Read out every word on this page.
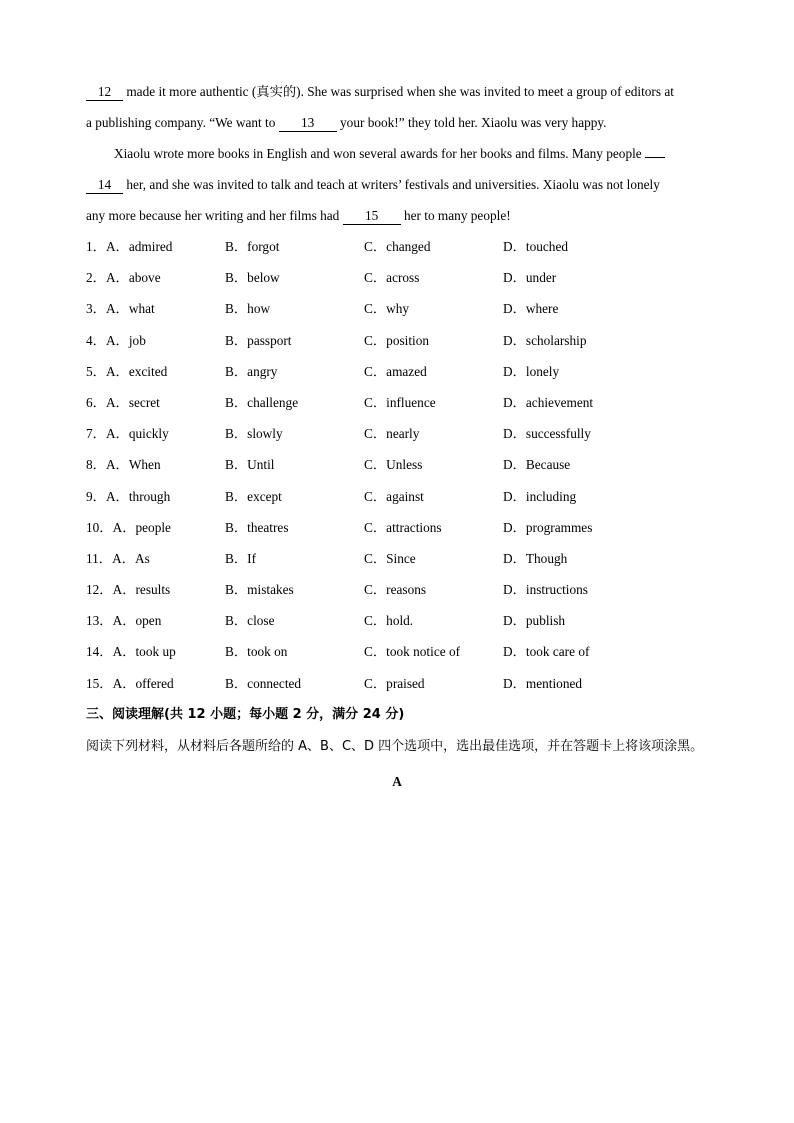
12 made it more authentic (真实的). She was surprised when she was invited to meet a group of editors at
a publishing company. “We want to 13 your book!” they told her. Xiaolu was very happy.
Xiaolu wrote more books in English and won several awards for her books and films. Many people
14 her, and she was invited to talk and teach at writers’ festivals and universities. Xiaolu was not lonely
any more because her writing and her films had 15 her to many people!
1．A．admired	B．forgot	C．changed	D．touched
2．A．above	B．below	C．across	D．under
3．A．what	B．how	C．why	D．where
4．A．job	B．passport	C．position	D．scholarship
5．A．excited	B．angry	C．amazed	D．lonely
6．A．secret	B．challenge	C．influence	D．achievement
7．A．quickly	B．slowly	C．nearly	D．successfully
8．A．When	B．Until	C．Unless	D．Because
9．A．through	B．except	C．against	D．including
10．A．people	B．theatres	C．attractions	D．programmes
11．A．As	B．If	C．Since	D．Though
12．A．results	B．mistakes	C．reasons	D．instructions
13．A．open	B．close	C．hold.	D．publish
14．A．took up	B．took on	C．took notice of	D．took care of
15．A．offered	B．connected	C．praised	D．mentioned
三、阅读理解(共 12 小题；每小题 2 分，满分 24 分)
阅读下列材料，从材料后各题所给的 A、B、C、D 四个选项中，选出最佳选项，并在答题卡上将该项涂黑。
A
